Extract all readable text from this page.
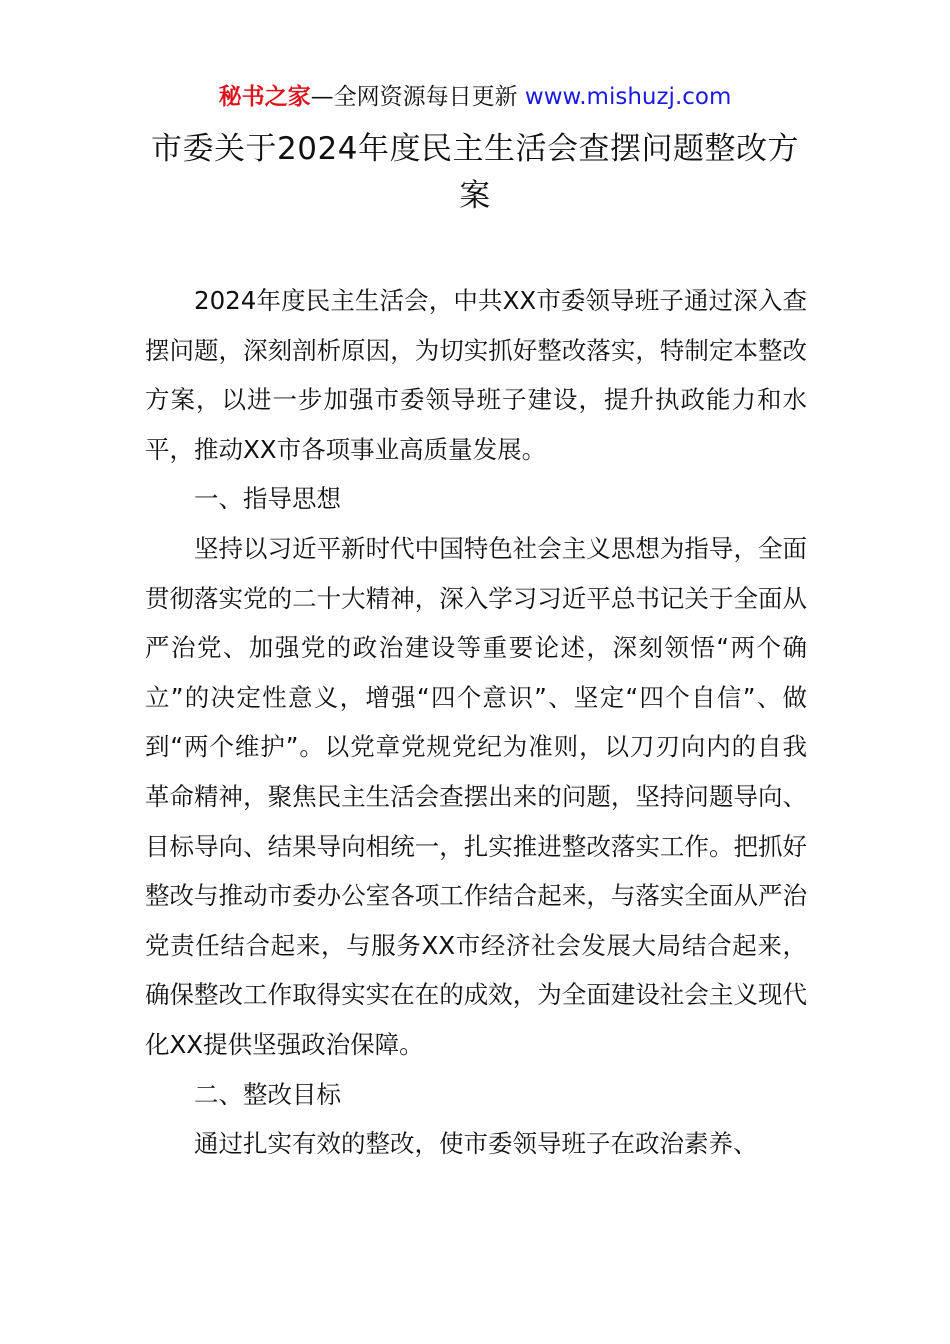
秘书之家—全网资源每日更新 www.mishuzj.com
市委关于2024年度民主生活会查摆问题整改方案

2024年度民主生活会，中共XX市委领导班子通过深入查摆问题，深刻剖析原因，为切实抓好整改落实，特制定本整改方案，以进一步加强市委领导班子建设，提升执政能力和水平，推动XX市各项事业高质量发展。

一、指导思想

坚持以习近平新时代中国特色社会主义思想为指导，全面贯彻落实党的二十大精神，深入学习习近平总书记关于全面从严治党、加强党的政治建设等重要论述，深刻领悟“两个确立”的决定性意义，增强“四个意识”、坚定“四个自信”、做到“两个维护”。以党章党规党纪为准则，以刀刃向内的自我革命精神，聚焦民主生活会查摆出来的问题，坚持问题导向、目标导向、结果导向相统一，扎实推进整改落实工作。把抓好整改与推动市委办公室各项工作结合起来，与落实全面从严治党责任结合起来，与服务XX市经济社会发展大局结合起来，确保整改工作取得实实在在的成效，为全面建设社会主义现代化XX提供坚强政治保障。

二、整改目标

通过扎实有效的整改，使市委领导班子在政治素养、
